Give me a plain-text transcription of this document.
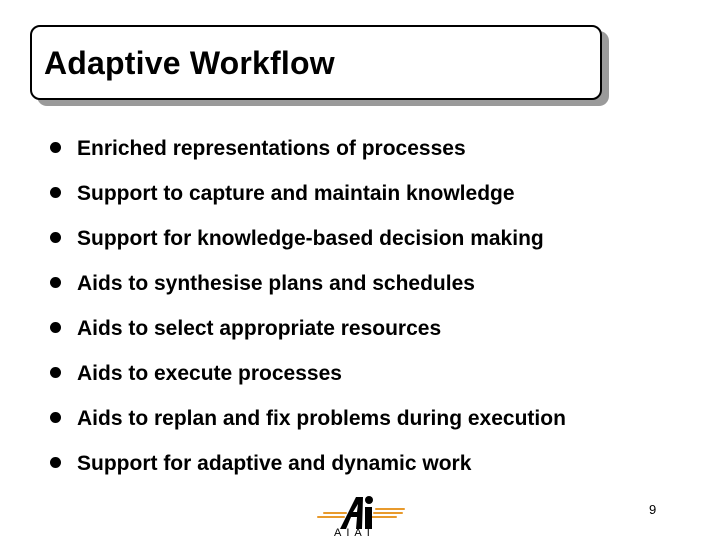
Adaptive Workflow
Enriched representations of processes
Support to capture and maintain knowledge
Support for knowledge-based decision making
Aids to synthesise plans and schedules
Aids to select appropriate resources
Aids to execute processes
Aids to replan and fix problems during execution
Support for adaptive and dynamic work
AIAI
9
